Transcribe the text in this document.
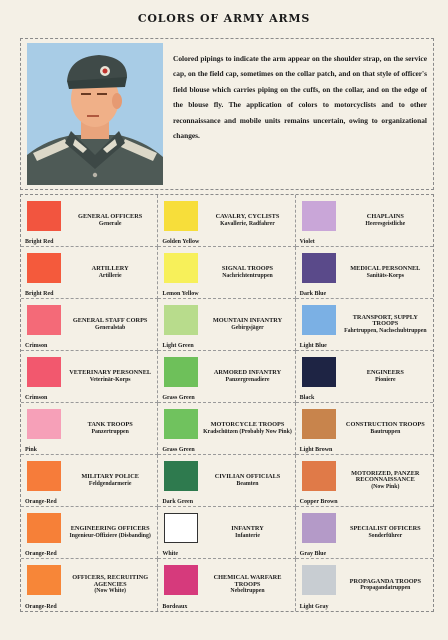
COLORS OF ARMY ARMS
Colored pipings to indicate the arm appear on the shoulder strap, on the service cap, on the field cap, sometimes on the collar patch, and on that style of officer's field blouse which carries piping on the cuffs, on the collar, and on the edge of the blouse fly. The application of colors to motorcyclists and to other reconnaissance and mobile units remains uncertain, owing to organizational changes.
Bright Red
GENERAL OFFICERS
Generale
Golden Yellow
CAVALRY, CYCLISTS
Kavallerie, Radfahrer
Violet
CHAPLAINS
Heeresgeistliche
Bright Red
ARTILLERY
Artillerie
Lemon Yellow
SIGNAL TROOPS
Nachrichtentruppen
Dark Blue
MEDICAL PERSONNEL
Sanitäts-Korps
Crimson
GENERAL STAFF CORPS
Generalstab
Light Green
MOUNTAIN INFANTRY
Gebirgsjäger
Light Blue
TRANSPORT, SUPPLY TROOPS
Fahrtruppen, Nachschubtruppen
Crimson
VETERINARY PERSONNEL
Veterinär-Korps
Grass Green
ARMORED INFANTRY
Panzergrenadiere
Black
ENGINEERS
Pioniere
Pink
TANK TROOPS
Panzertruppen
Grass Green
MOTORCYCLE TROOPS
Kradschützen (Probably Now Pink)
Light Brown
CONSTRUCTION TROOPS
Bautruppen
Orange-Red
MILITARY POLICE
Feldgendarmerie
Dark Green
CIVILIAN OFFICIALS
Beamten
Copper Brown
MOTORIZED, PANZER RECONNAISSANCE
(Now Pink)
Orange-Red
ENGINEERING OFFICERS
Ingenieur-Offiziere (Disbanding)
White
INFANTRY
Infanterie
Gray Blue
SPECIALIST OFFICERS
Sonderführer
Orange-Red
OFFICERS, RECRUITING AGENCIES
(Now White)
Bordeaux
CHEMICAL WARFARE TROOPS
Nebeltruppen
Light Gray
PROPAGANDA TROOPS
Propagandatruppen
